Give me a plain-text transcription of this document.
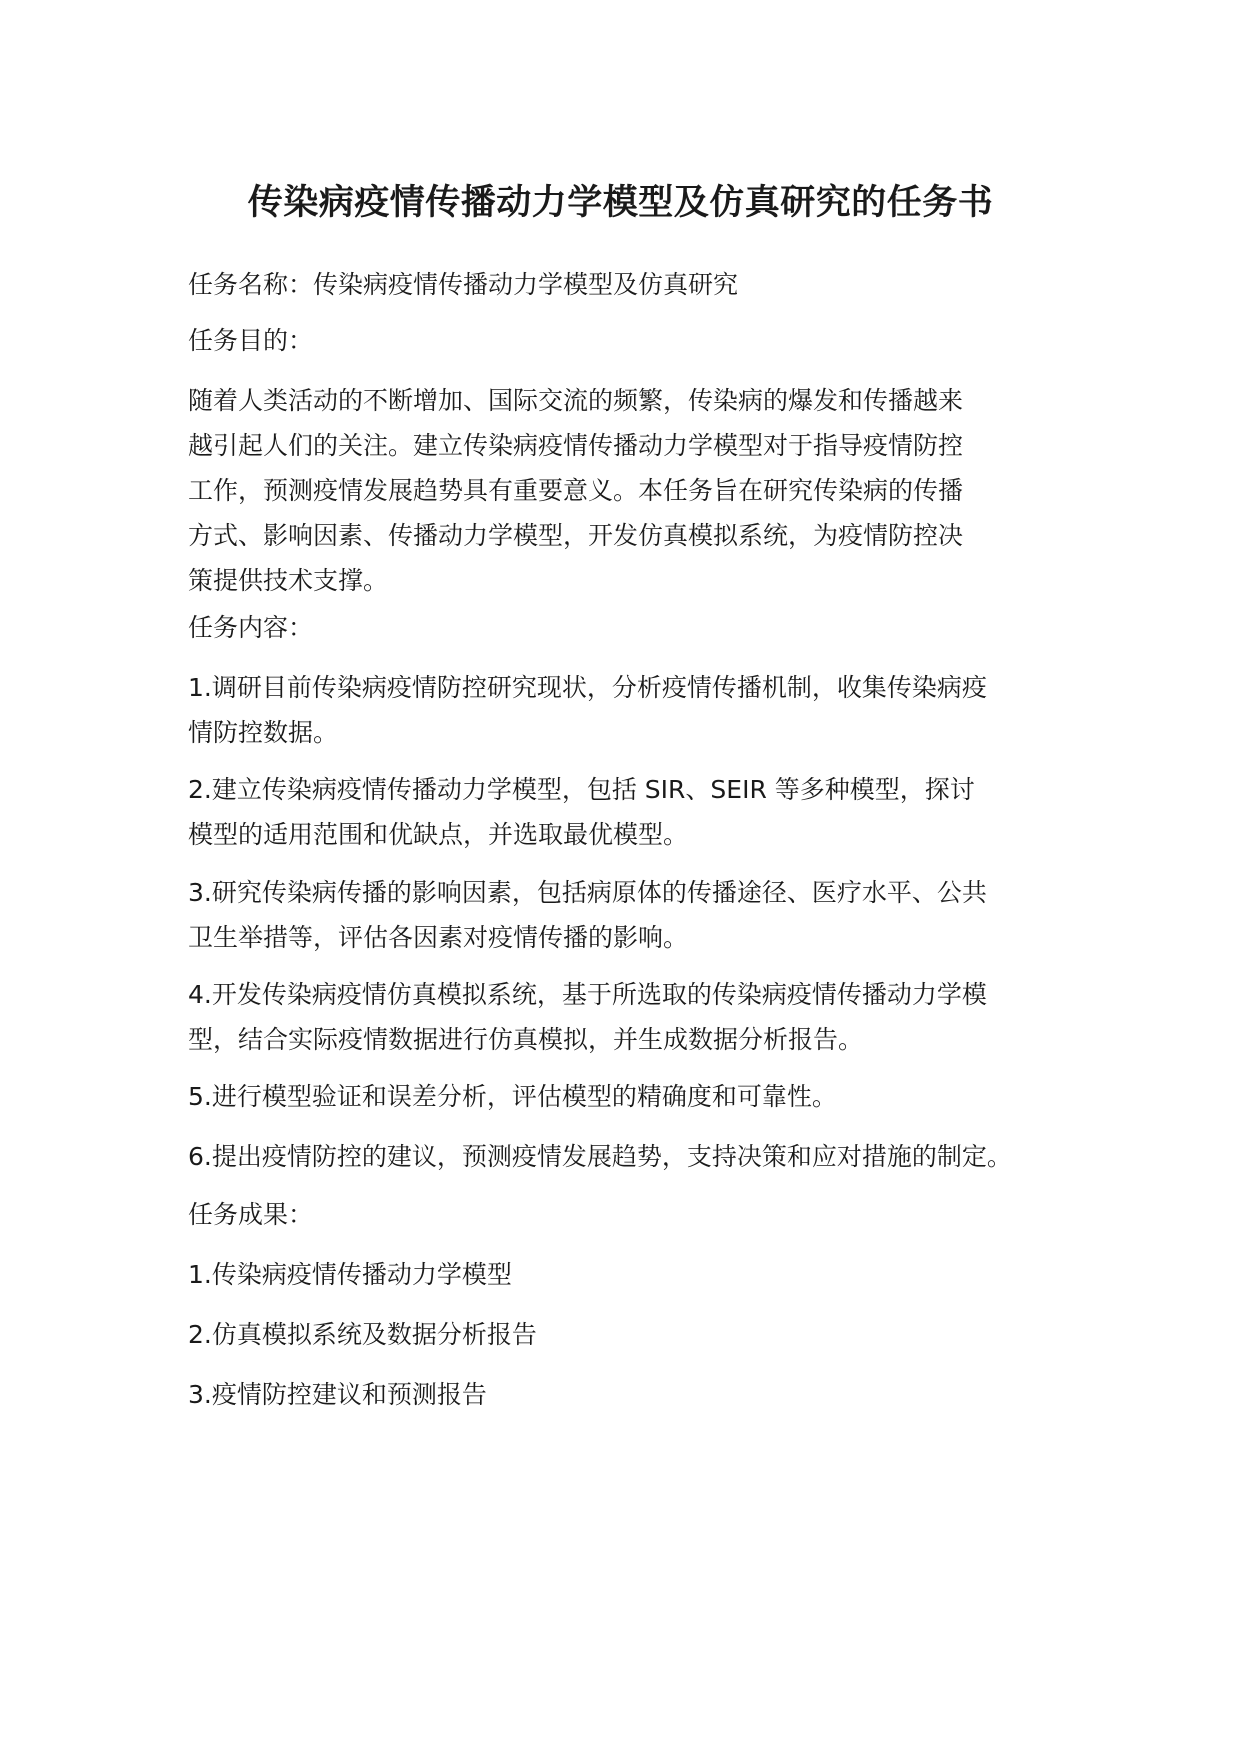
传染病疫情传播动力学模型及仿真研究的任务书

任务名称：传染病疫情传播动力学模型及仿真研究

任务目的：

随着人类活动的不断增加、国际交流的频繁，传染病的爆发和传播越来
越引起人们的关注。建立传染病疫情传播动力学模型对于指导疫情防控
工作，预测疫情发展趋势具有重要意义。本任务旨在研究传染病的传播
方式、影响因素、传播动力学模型，开发仿真模拟系统，为疫情防控决
策提供技术支撑。

任务内容：

1.调研目前传染病疫情防控研究现状，分析疫情传播机制，收集传染病疫
情防控数据。
2.建立传染病疫情传播动力学模型，包括 SIR、SEIR 等多种模型，探讨
模型的适用范围和优缺点，并选取最优模型。
3.研究传染病传播的影响因素，包括病原体的传播途径、医疗水平、公共
卫生举措等，评估各因素对疫情传播的影响。
4.开发传染病疫情仿真模拟系统，基于所选取的传染病疫情传播动力学模
型，结合实际疫情数据进行仿真模拟，并生成数据分析报告。
5.进行模型验证和误差分析，评估模型的精确度和可靠性。
6.提出疫情防控的建议，预测疫情发展趋势，支持决策和应对措施的制定。

任务成果：

1.传染病疫情传播动力学模型

2.仿真模拟系统及数据分析报告

3.疫情防控建议和预测报告
